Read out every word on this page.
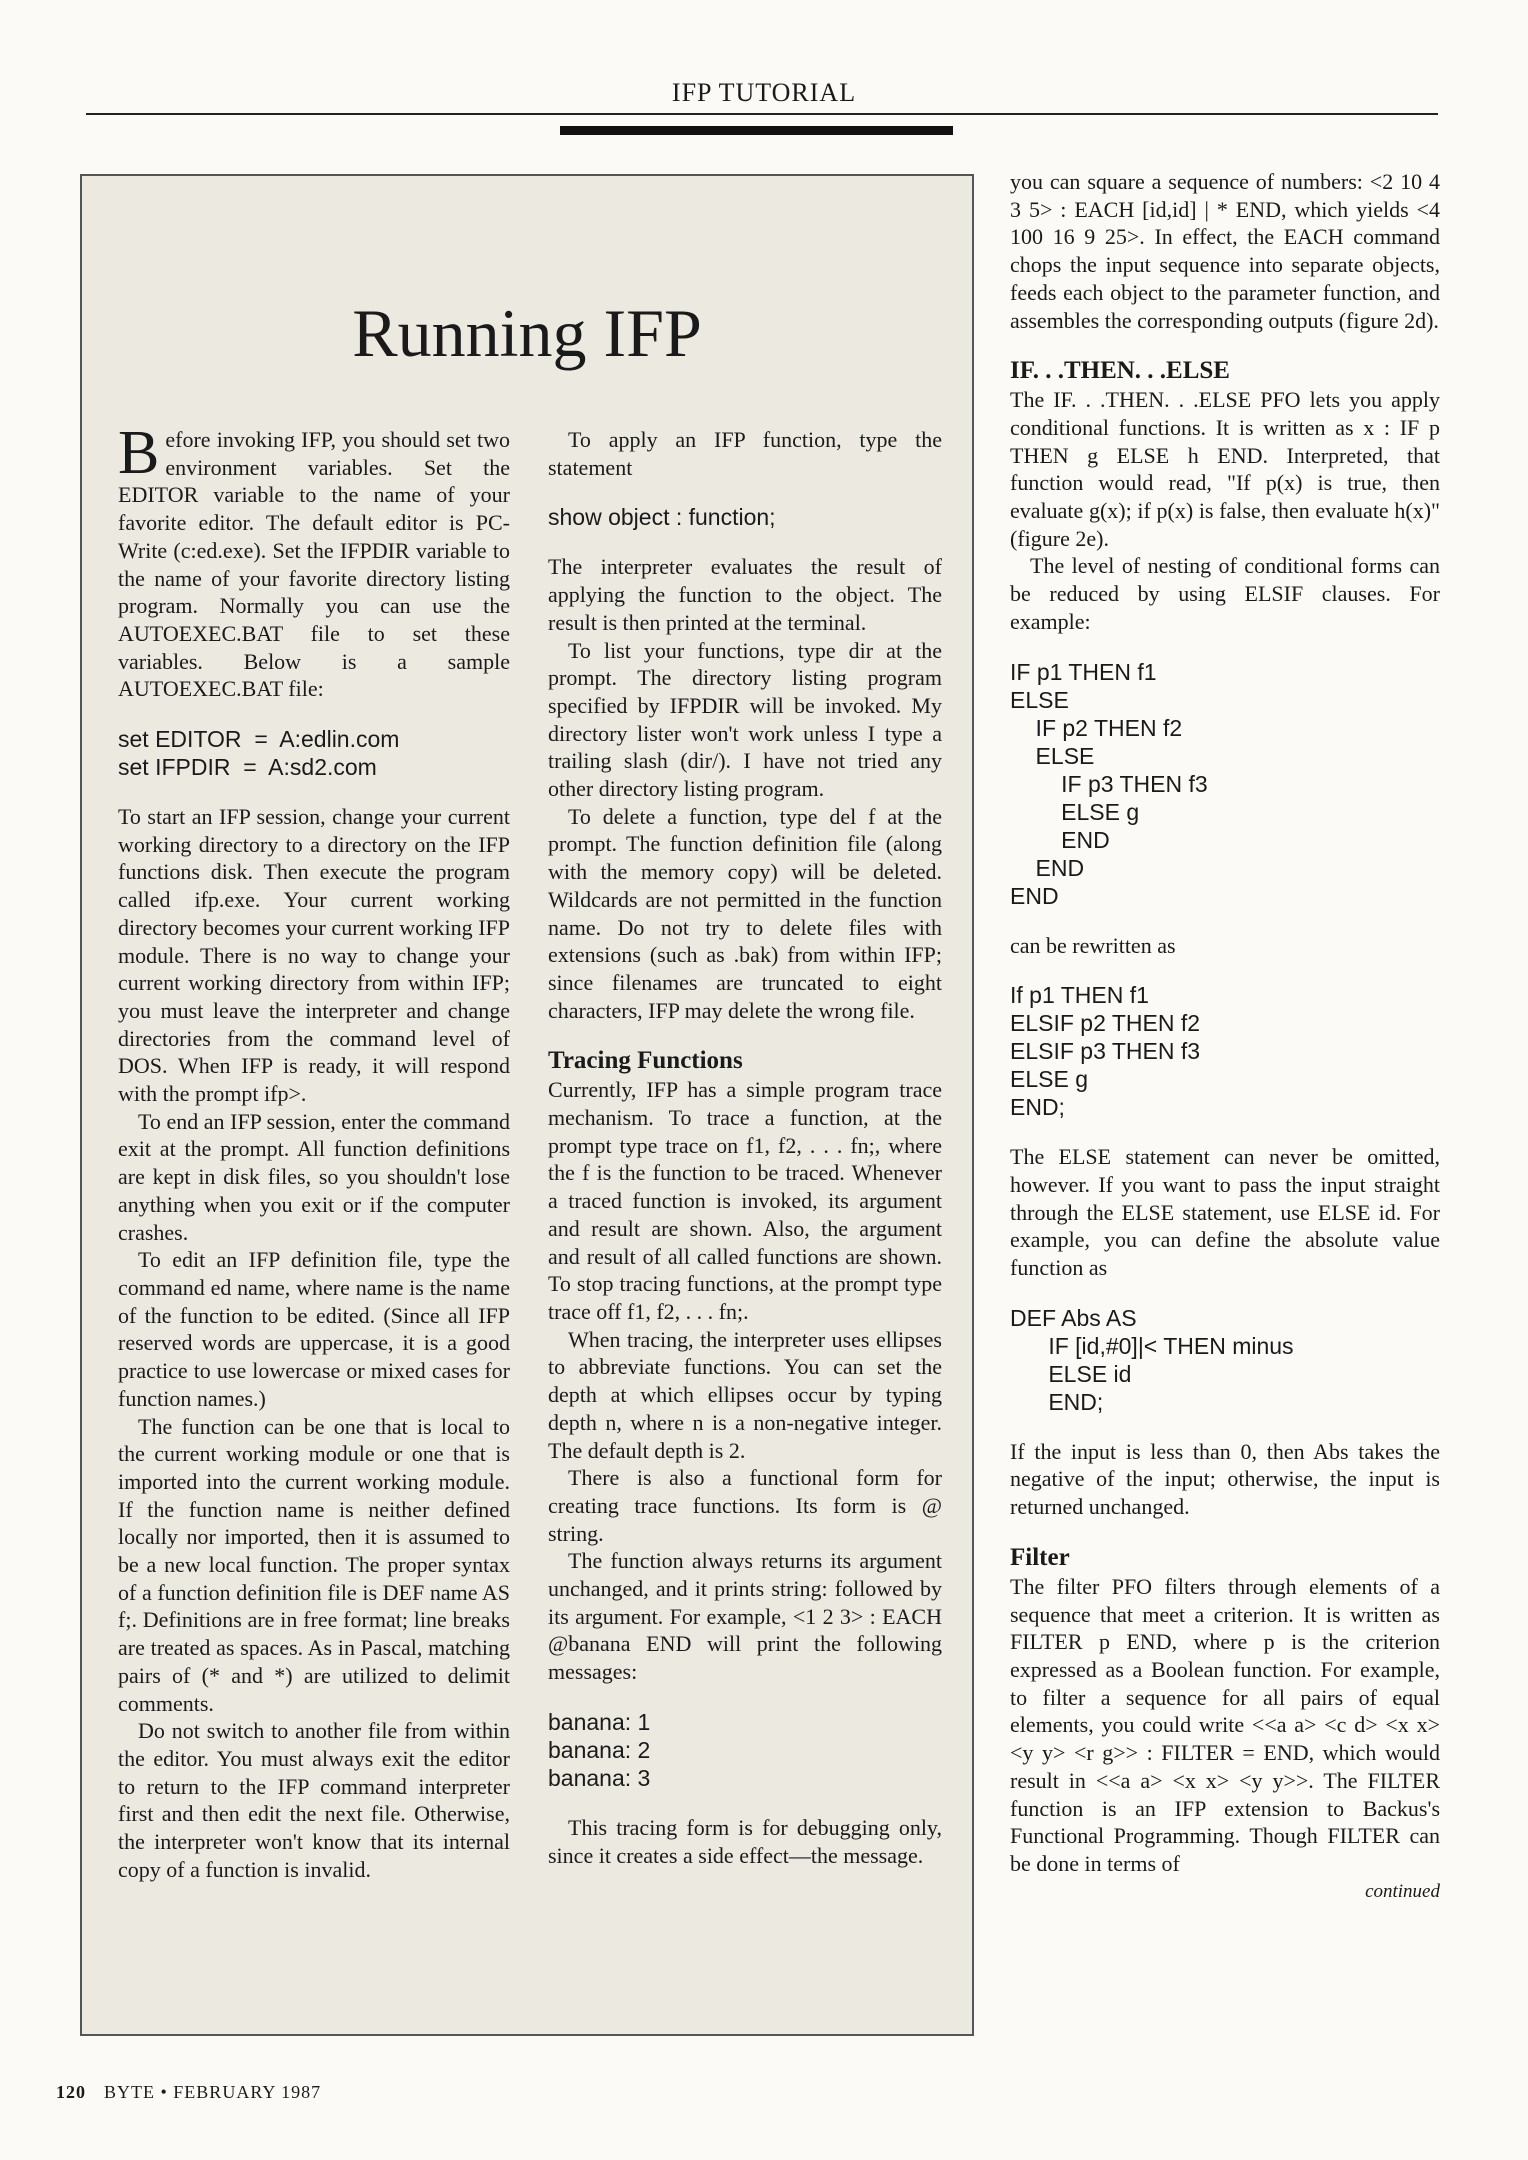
IFP TUTORIAL
Running IFP

Before invoking IFP, you should set two environment variables. Set the EDITOR variable to the name of your favorite editor. The default editor is PC-Write (c:ed.exe). Set the IFPDIR variable to the name of your favorite directory listing program. Normally you can use the AUTOEXEC.BAT file to set these variables. Below is a sample AUTOEXEC.BAT file:

set EDITOR  =  A:edlin.com
set IFPDIR  =  A:sd2.com

To start an IFP session, change your current working directory to a directory on the IFP functions disk. Then execute the program called ifp.exe. Your current working directory becomes your current working IFP module. There is no way to change your current working directory from within IFP; you must leave the interpreter and change directories from the command level of DOS. When IFP is ready, it will respond with the prompt ifp>.

To end an IFP session, enter the command exit at the prompt. All function definitions are kept in disk files, so you shouldn't lose anything when you exit or if the computer crashes.

To edit an IFP definition file, type the command ed name, where name is the name of the function to be edited. (Since all IFP reserved words are uppercase, it is a good practice to use lowercase or mixed cases for function names.)

The function can be one that is local to the current working module or one that is imported into the current working module. If the function name is neither defined locally nor imported, then it is assumed to be a new local function. The proper syntax of a function definition file is DEF name AS f;. Definitions are in free format; line breaks are treated as spaces. As in Pascal, matching pairs of (* and *) are utilized to delimit comments.

Do not switch to another file from within the editor. You must always exit the editor to return to the IFP command interpreter first and then edit the next file. Otherwise, the interpreter won't know that its internal copy of a function is invalid.

To apply an IFP function, type the statement

show object : function;

The interpreter evaluates the result of applying the function to the object. The result is then printed at the terminal.

To list your functions, type dir at the prompt. The directory listing program specified by IFPDIR will be invoked. My directory lister won't work unless I type a trailing slash (dir/). I have not tried any other directory listing program.

To delete a function, type del f at the prompt. The function definition file (along with the memory copy) will be deleted. Wildcards are not permitted in the function name. Do not try to delete files with extensions (such as .bak) from within IFP; since filenames are truncated to eight characters, IFP may delete the wrong file.

Tracing Functions

Currently, IFP has a simple program trace mechanism. To trace a function, at the prompt type trace on f1, f2, . . . fn;, where the f is the function to be traced. Whenever a traced function is invoked, its argument and result are shown. Also, the argument and result of all called functions are shown. To stop tracing functions, at the prompt type trace off f1, f2, . . . fn;.

When tracing, the interpreter uses ellipses to abbreviate functions. You can set the depth at which ellipses occur by typing depth n, where n is a non-negative integer. The default depth is 2.

There is also a functional form for creating trace functions. Its form is @ string.

The function always returns its argument unchanged, and it prints string: followed by its argument. For example, <1 2 3> : EACH @banana END will print the following messages:

banana: 1
banana: 2
banana: 3

This tracing form is for debugging only, since it creates a side effect—the message.

you can square a sequence of numbers: <2 10 4 3 5> : EACH [id,id] | * END, which yields <4 100 16 9 25>. In effect, the EACH command chops the input sequence into separate objects, feeds each object to the parameter function, and assembles the corresponding outputs (figure 2d).

IF. . .THEN. . .ELSE

The IF. . .THEN. . .ELSE PFO lets you apply conditional functions. It is written as x : IF p THEN g ELSE h END. Interpreted, that function would read, "If p(x) is true, then evaluate g(x); if p(x) is false, then evaluate h(x)" (figure 2e).

The level of nesting of conditional forms can be reduced by using ELSIF clauses. For example:

IF p1 THEN f1
ELSE
IF p2 THEN f2
ELSE
IF p3 THEN f3
ELSE g
END
END
END

can be rewritten as

If p1 THEN f1
ELSIF p2 THEN f2
ELSIF p3 THEN f3
ELSE g
END;

The ELSE statement can never be omitted, however. If you want to pass the input straight through the ELSE statement, use ELSE id. For example, you can define the absolute value function as

DEF Abs AS
IF [id,#0]|< THEN minus
ELSE id
END;

If the input is less than 0, then Abs takes the negative of the input; otherwise, the input is returned unchanged.

Filter

The filter PFO filters through elements of a sequence that meet a criterion. It is written as FILTER p END, where p is the criterion expressed as a Boolean function. For example, to filter a sequence for all pairs of equal elements, you could write <<a a> <c d> <x x> <y y> <r g>> : FILTER = END, which would result in <<a a> <x x> <y y>>. The FILTER function is an IFP extension to Backus's Functional Programming. Though FILTER can be done in terms of

continued
120 BYTE • FEBRUARY 1987
